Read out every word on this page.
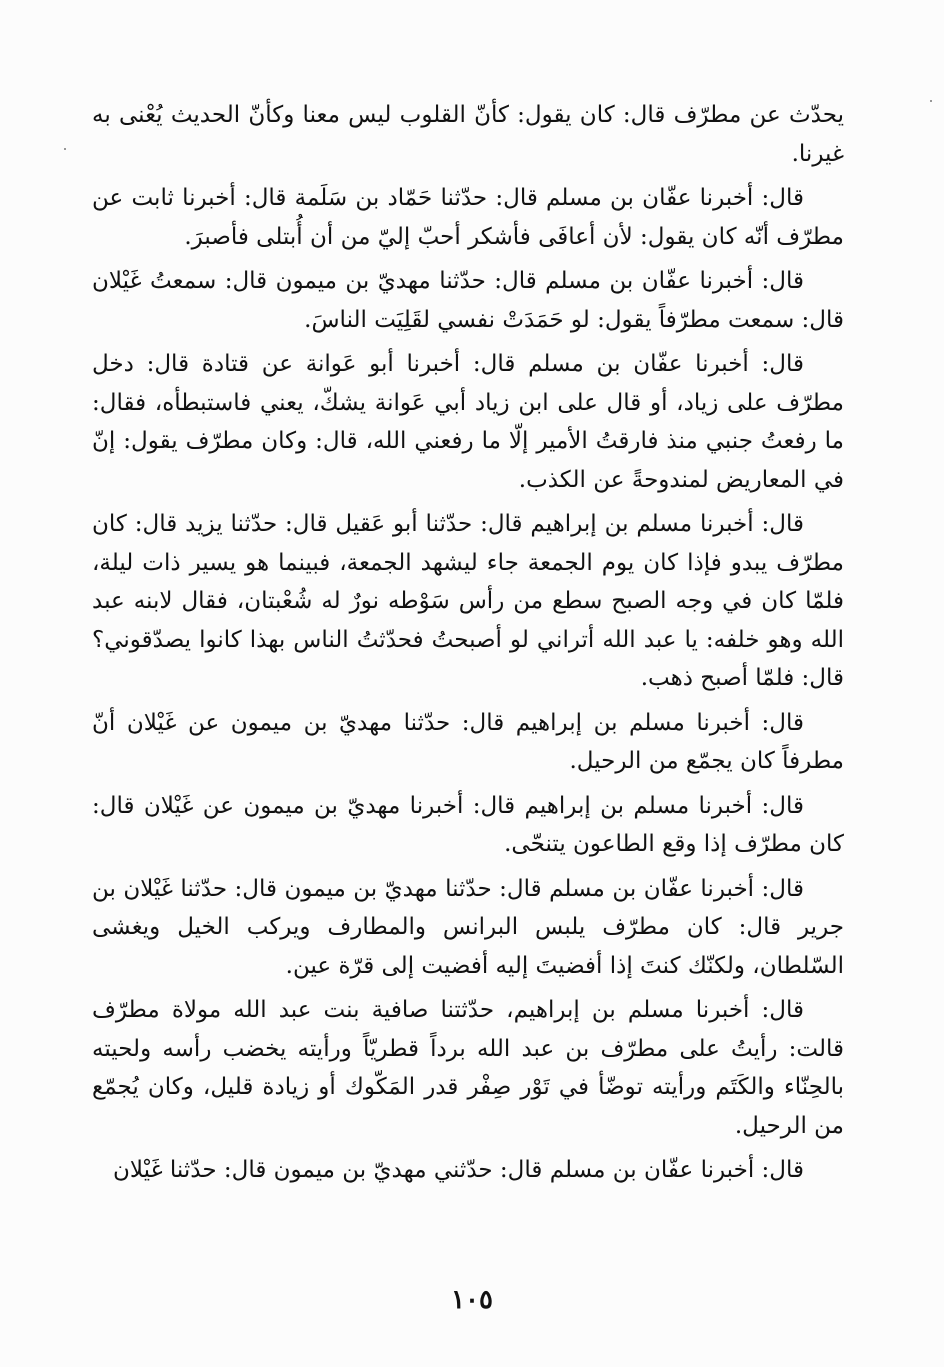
يحدّث عن مطرّف قال: كان يقول: كأنّ القلوب ليس معنا وكأنّ الحديث يُعْنى به غيرنا.

قال: أخبرنا عفّان بن مسلم قال: حدّثنا حَمّاد بن سَلَمة قال: أخبرنا ثابت عن مطرّف أنّه كان يقول: لأن أعافَى فأشكر أحبّ إليّ من أن أُبتلى فأصبرَ.

قال: أخبرنا عفّان بن مسلم قال: حدّثنا مهديّ بن ميمون قال: سمعتُ غَيْلان قال: سمعت مطرّفاً يقول: لو حَمَدَتْ نفسي لقَلِيَت الناسَ.

قال: أخبرنا عفّان بن مسلم قال: أخبرنا أبو عَوانة عن قتادة قال: دخل مطرّف على زياد، أو قال على ابن زياد أبي عَوانة يشكّ، يعني فاستبطأه، فقال: ما رفعتُ جنبي منذ فارقتُ الأمير إلّا ما رفعني الله، قال: وكان مطرّف يقول: إنّ في المعاريض لمندوحةً عن الكذب.

قال: أخبرنا مسلم بن إبراهيم قال: حدّثنا أبو عَقيل قال: حدّثنا يزيد قال: كان مطرّف يبدو فإذا كان يوم الجمعة جاء ليشهد الجمعة، فبينما هو يسير ذات ليلة، فلمّا كان في وجه الصبح سطع من رأس سَوْطه نورٌ له شُعْبتان، فقال لابنه عبد الله وهو خلفه: يا عبد الله أتراني لو أصبحتُ فحدّثتُ الناس بهذا كانوا يصدّقوني؟ قال: فلمّا أصبح ذهب.

قال: أخبرنا مسلم بن إبراهيم قال: حدّثنا مهديّ بن ميمون عن غَيْلان أنّ مطرفاً كان يجمّع من الرحيل.

قال: أخبرنا مسلم بن إبراهيم قال: أخبرنا مهديّ بن ميمون عن غَيْلان قال: كان مطرّف إذا وقع الطاعون يتنحّى.

قال: أخبرنا عفّان بن مسلم قال: حدّثنا مهديّ بن ميمون قال: حدّثنا غَيْلان بن جرير قال: كان مطرّف يلبس البرانس والمطارف ويركب الخيل ويغشى السّلطان، ولكنّك كنتَ إذا أفضيتَ إليه أفضيت إلى قرّة عين.

قال: أخبرنا مسلم بن إبراهيم، حدّثتنا صافية بنت عبد الله مولاة مطرّف قالت: رأيتُ على مطرّف بن عبد الله برداً قطريّاً ورأيته يخضب رأسه ولحيته بالحِنّاء والكَتَم ورأيته توضّأ في تَوْر صِفْر قدر المَكّوك أو زيادة قليل، وكان يُجمّع من الرحيل.

قال: أخبرنا عفّان بن مسلم قال: حدّثني مهديّ بن ميمون قال: حدّثنا غَيْلان

١٠٥
